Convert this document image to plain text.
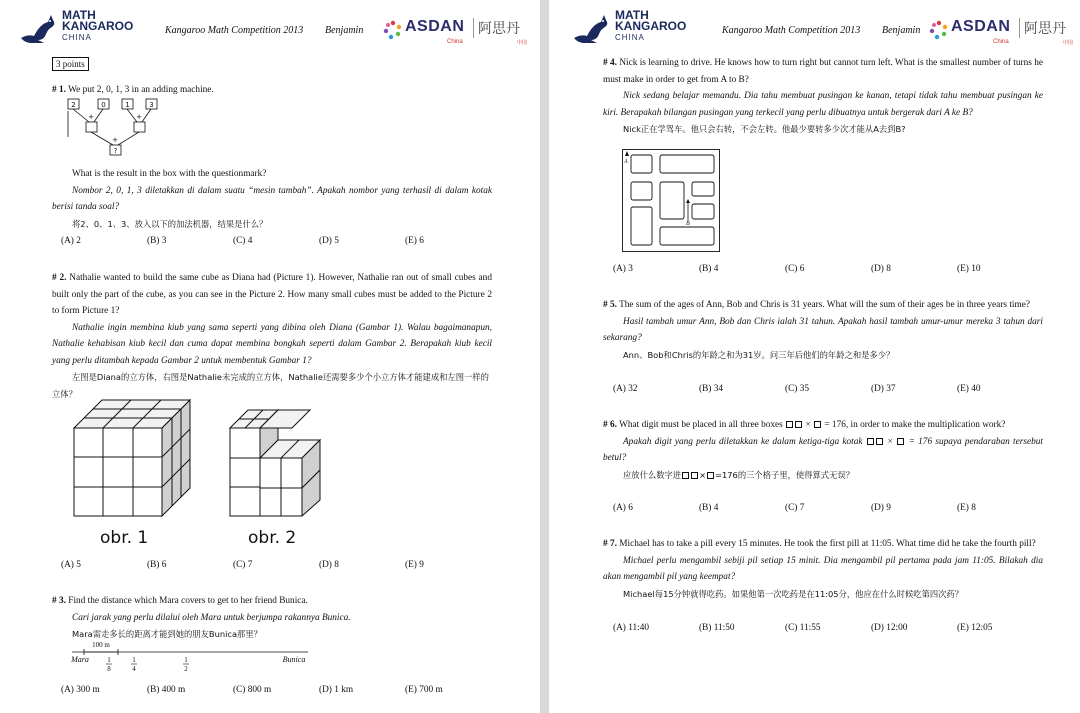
MATH
KANGAROO
CHINA
Kangaroo Math Competition 2013 Benjamin	ASDAN 阿思丹
China	中国
3 points
# 1. We put 2, 0, 1, 3 in an adding machine.
2	0	1	3
+	+
+
?
What is the result in the box with the questionmark?
Nombor 2, 0, 1, 3 diletakkan di dalam suatu “mesin tambah”. Apakah nombor yang terhasil di dalam kotak berisi tanda soal?
将2、0、1、3、放入以下的加法机器，结果是什么？
(A) 2	(B) 3	(C) 4	(D) 5	(E) 6
# 2. Nathalie wanted to build the same cube as Diana had (Picture 1). However, Nathalie ran out of small cubes and built only the part of the cube, as you can see in the Picture 2. How many small cubes must be added to the Picture 2 to form Picture 1?
Nathalie ingin membina kiub yang sama seperti yang dibina oleh Diana (Gambar 1). Walau bagaimanapun, Nathalie kehabisan kiub kecil dan cuma dapat membina bongkah seperti dalam Gambar 2. Berapakah kiub kecil yang perlu ditambah kepada Gambar 2 untuk membentuk Gambar 1?
左图是Diana的立方体，右图是Nathalie未完成的立方体，Nathalie还需要多少个小立方体才能建成和左图一样的立体？
obr. 1	obr. 2
(A) 5	(B) 6	(C) 7	(D) 8	(E) 9
# 3. Find the distance which Mara covers to get to her friend Bunica.
Cari jarak yang perlu dilalui oleh Mara untuk berjumpa rakannya Bunica.
Mara需走多长的距离才能到她的朋友Bunica那里？
100 m
Mara	Bunica
1
8
1
4
1
2
(A) 300 m	(B) 400 m	(C) 800 m	(D) 1 km	(E) 700 m
MATH
KANGAROO
CHINA
Kangaroo Math Competition 2013 Benjamin ASDAN 阿思丹
China	中国
# 4. Nick is learning to drive. He knows how to turn right but cannot turn left. What is the smallest number of turns he must make in order to get from A to B?
Nick sedang belajar memandu. Dia tahu membuat pusingan ke kanan, tetapi tidak tahu membuat pusingan ke kiri. Berapakah bilangan pusingan yang terkecil yang perlu dibuatnya untuk bergerak dari A ke B?
Nick正在学驾车。他只会右转，不会左转。他最少要转多少次才能从A去到B?
A
B
(A) 3	(B) 4	(C) 6	(D) 8	(E) 10
# 5. The sum of the ages of Ann, Bob and Chris is 31 years. What will the sum of their ages be in three years time?
Hasil tambah umur Ann, Bob dan Chris ialah 31 tahun. Apakah hasil tambah umur-umur mereka 3 tahun dari sekarang?
Ann、Bob和Chris的年龄之和为31岁。问三年后他们的年龄之和是多少？
(A) 32	(B) 34	(C) 35	(D) 37	(E) 40
# 6. What digit must be placed in all three boxes × = 176, in order to make the multiplication work?
Apakah digit yang perlu diletakkan ke dalam ketiga-tiga kotak	× = 176 supaya pendaraban tersebut betul?
应放什么数字进 × =176的三个格子里，使得算式无误？
(A) 6	(B) 4	(C) 7	(D) 9	(E) 8
# 7. Michael has to take a pill every 15 minutes. He took the first pill at 11:05. What time did he take the fourth pill?
Michael perlu mengambil sebiji pil setiap 15 minit. Dia mengambil pil pertama pada jam 11:05. Bilakah dia akan mengambil pil yang keempat?
Michael每15分钟就得吃药。如果他第一次吃药是在11:05分，他应在什么时候吃第四次药？
(A) 11:40	(B) 11:50	(C) 11:55	(D) 12:00	(E) 12:05
